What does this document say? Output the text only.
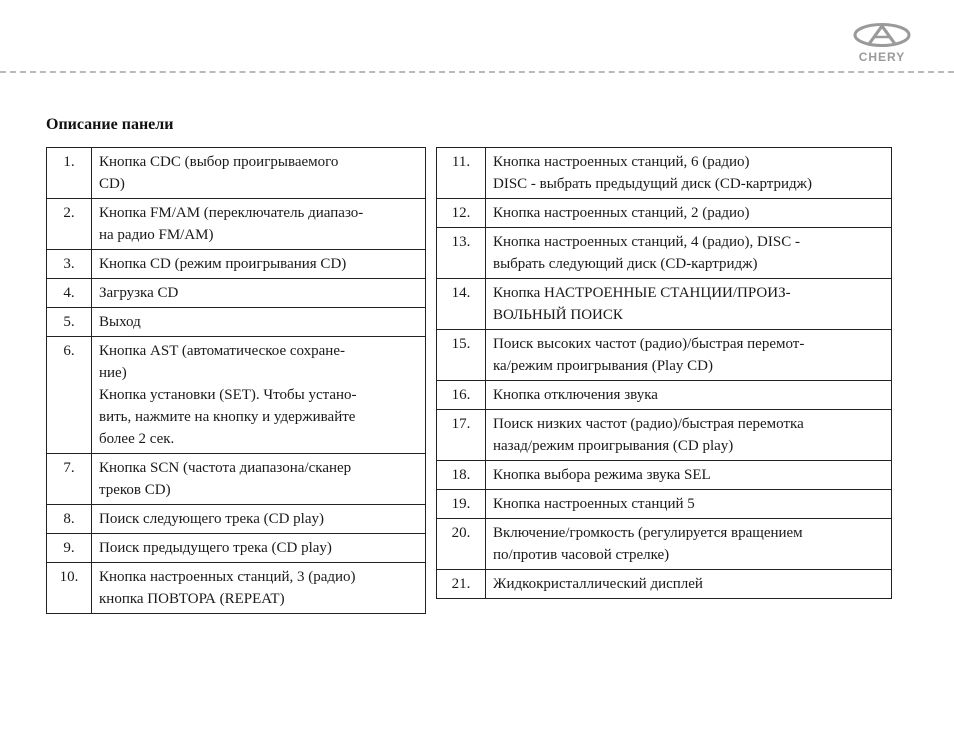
CHERY
Описание панели
1.	Кнопка CDC (выбор проигрываемого
CD)

2.	Кнопка FM/AM (переключатель диапазо-
на радио FM/AM)

3.	Кнопка CD (режим проигрывания CD)

4.	Загрузка CD

5.	Выход

6.	Кнопка AST (автоматическое сохране-
ние)
Кнопка установки (SET). Чтобы устано-
вить, нажмите на кнопку и удерживайте
более 2 сек.

7.	Кнопка SCN (частота диапазона/сканер
треков CD)

8.	Поиск следующего трека (CD play)

9.	Поиск предыдущего трека (CD play)

10.	Кнопка настроенных станций, 3 (радио)
кнопка ПОВТОРА (REPEAT)
11.	Кнопка настроенных станций, 6 (радио)
DISC - выбрать предыдущий диск (CD-картридж)

12.	Кнопка настроенных станций, 2 (радио)

13.	Кнопка настроенных станций, 4 (радио), DISC -
выбрать следующий диск (CD-картридж)

14.	Кнопка НАСТРОЕННЫЕ СТАНЦИИ/ПРОИЗ-
ВОЛЬНЫЙ ПОИСК

15.	Поиск высоких частот (радио)/быстрая перемот-
ка/режим проигрывания (Play CD)

16.	Кнопка отключения звука

17.	Поиск низких частот (радио)/быстрая перемотка
назад/режим проигрывания (CD play)

18.	Кнопка выбора режима звука SEL

19.	Кнопка настроенных станций 5

20.	Включение/громкость (регулируется вращением
по/против часовой стрелке)

21.	Жидкокристаллический дисплей
